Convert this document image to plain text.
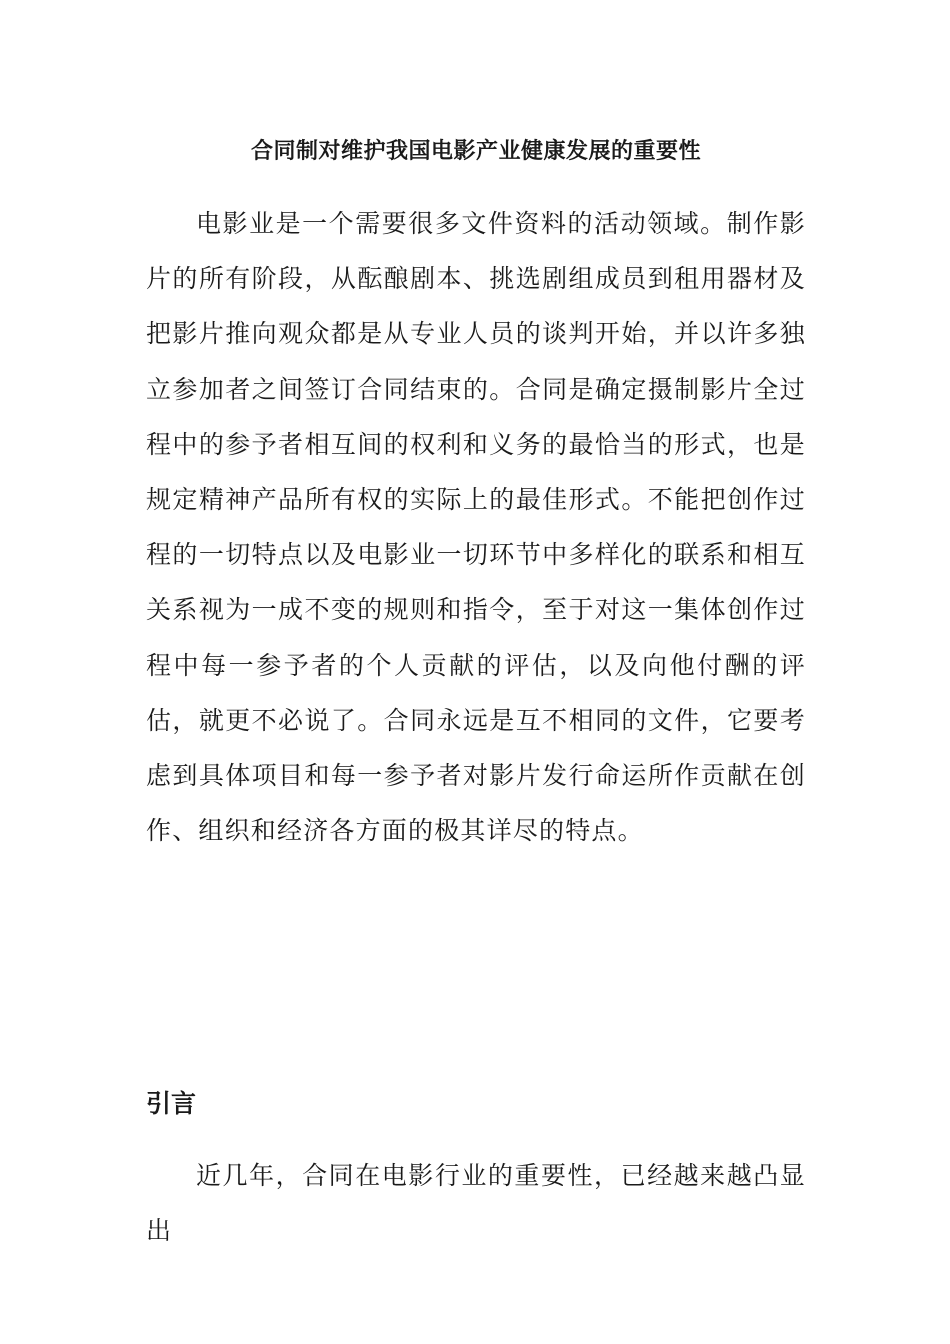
合同制对维护我国电影产业健康发展的重要性

电影业是一个需要很多文件资料的活动领域。制作影片的所有阶段，从酝酿剧本、挑选剧组成员到租用器材及把影片推向观众都是从专业人员的谈判开始，并以许多独立参加者之间签订合同结束的。合同是确定摄制影片全过程中的参予者相互间的权利和义务的最恰当的形式，也是规定精神产品所有权的实际上的最佳形式。不能把创作过程的一切特点以及电影业一切环节中多样化的联系和相互关系视为一成不变的规则和指令，至于对这一集体创作过程中每一参予者的个人贡献的评估，以及向他付酬的评估，就更不必说了。合同永远是互不相同的文件，它要考虑到具体项目和每一参予者对影片发行命运所作贡献在创作、组织和经济各方面的极其详尽的特点。

引言

近几年，合同在电影行业的重要性，已经越来越凸显出
